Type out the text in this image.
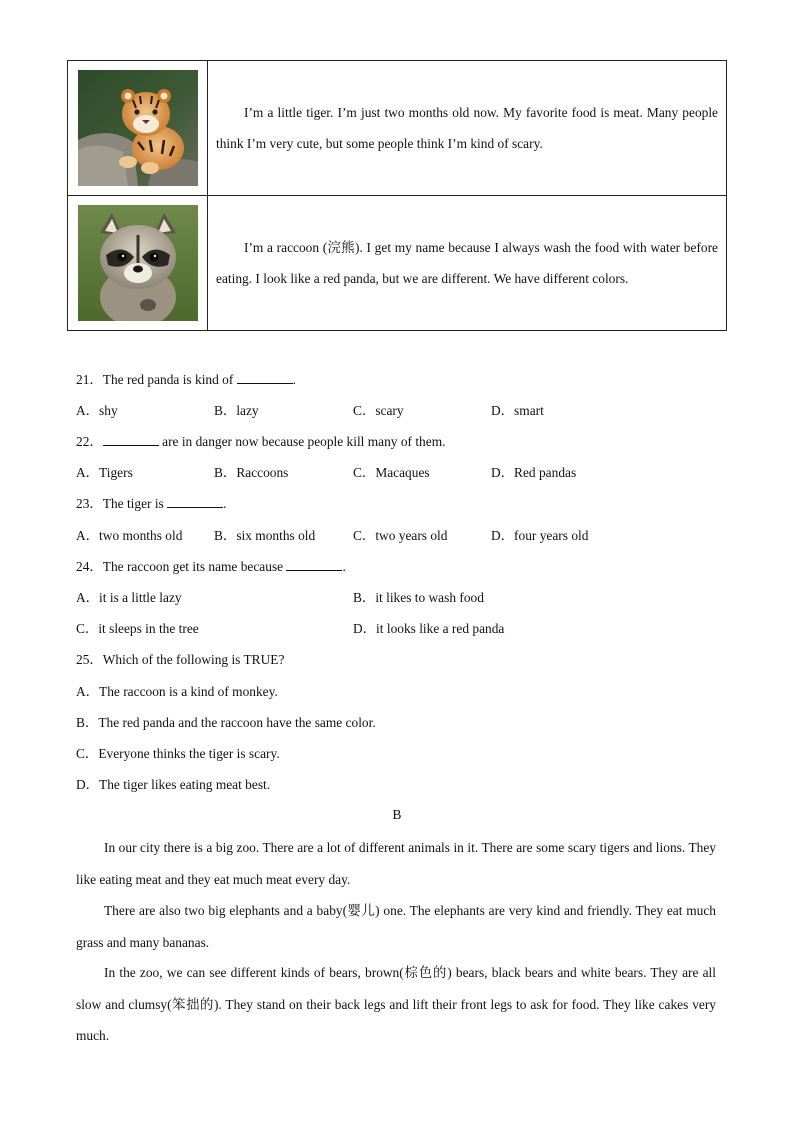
I’m a little tiger. I’m just two months old now. My favorite food is meat. Many people think I’m very cute, but some people think I’m kind of scary.

I’m a raccoon (浣熊). I get my name because I always wash the food with water before eating. I look like a red panda, but we are different. We have different colors.

21．The red panda is kind of	.
A．shy	B．lazy	C．scary	D．smart
22．	are in danger now because people kill many of them.
A．Tigers	B．Raccoons	C．Macaques	D．Red pandas
23．The tiger is	.
A．two months old B．six months old	C．two years old	D．four years old
24．The raccoon get its name because	.
A．it is a little lazy	B．it likes to wash food
C．it sleeps in the tree	D．it looks like a red panda
25．Which of the following is TRUE?
A．The raccoon is a kind of monkey.
B．The red panda and the raccoon have the same color.
C．Everyone thinks the tiger is scary.
D．The tiger likes eating meat best.
B

In our city there is a big zoo. There are a lot of different animals in it. There are some scary tigers and lions. They like eating meat and they eat much meat every day.

There are also two big elephants and a baby(婴儿) one. The elephants are very kind and friendly. They eat much grass and many bananas.

In the zoo, we can see different kinds of bears, brown(棕色的) bears, black bears and white bears. They are all slow and clumsy(笨拙的). They stand on their back legs and lift their front legs to ask for food. They like cakes very much.
